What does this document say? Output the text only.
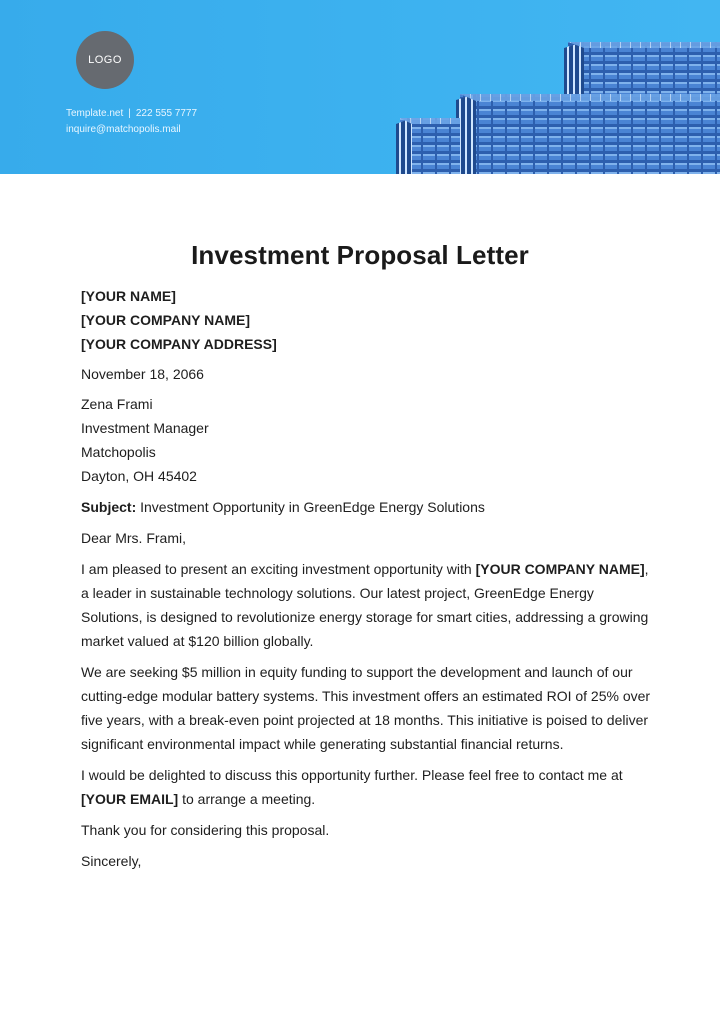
LOGO
Template.net | 222 555 7777
inquire@matchopolis.mail
Investment Proposal Letter
[YOUR NAME]
[YOUR COMPANY NAME]
[YOUR COMPANY ADDRESS]
November 18, 2066
Zena Frami
Investment Manager
Matchopolis
Dayton, OH 45402
Subject: Investment Opportunity in GreenEdge Energy Solutions
Dear Mrs. Frami,

I am pleased to present an exciting investment opportunity with [YOUR COMPANY NAME], a leader in sustainable technology solutions. Our latest project, GreenEdge Energy Solutions, is designed to revolutionize energy storage for smart cities, addressing a growing market valued at $120 billion globally.

We are seeking $5 million in equity funding to support the development and launch of our cutting-edge modular battery systems. This investment offers an estimated ROI of 25% over five years, with a break-even point projected at 18 months. This initiative is poised to deliver significant environmental impact while generating substantial financial returns.

I would be delighted to discuss this opportunity further. Please feel free to contact me at [YOUR EMAIL] to arrange a meeting.

Thank you for considering this proposal.

Sincerely,
